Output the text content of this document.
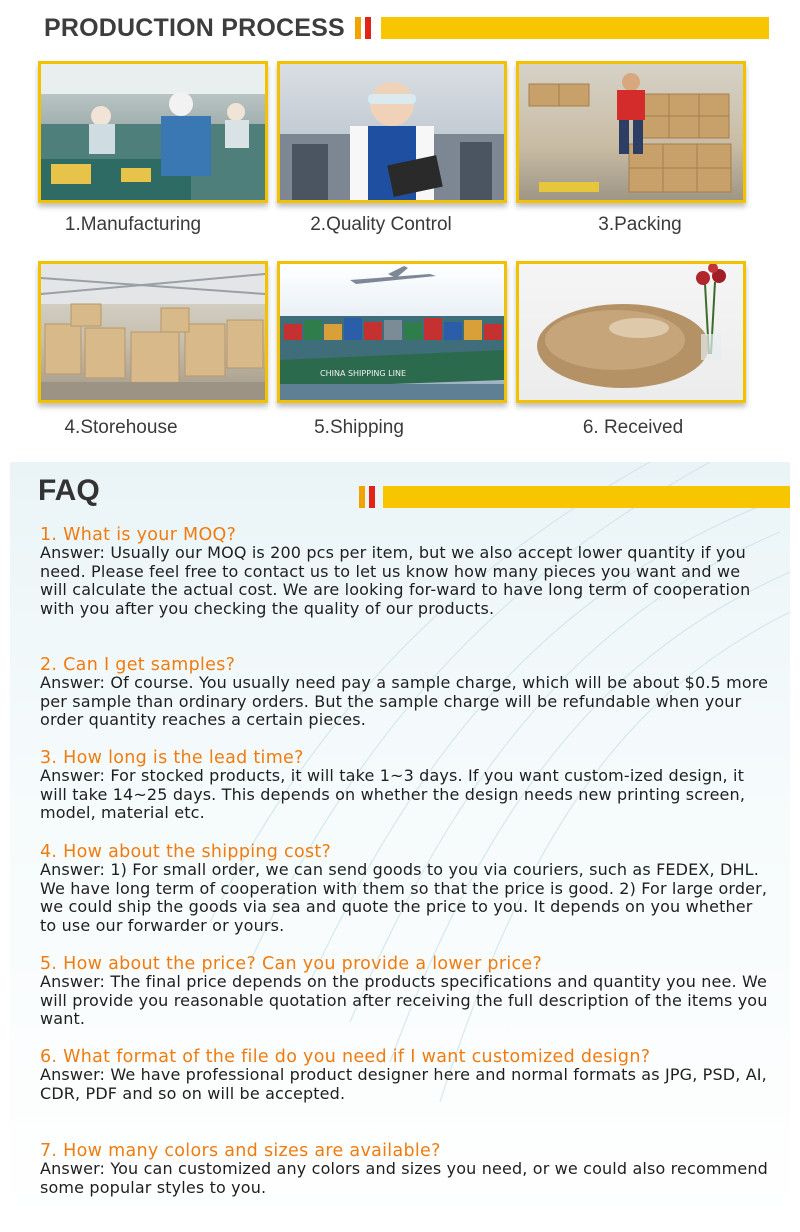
PRODUCTION PROCESS
1.Manufacturing	2.Quality Control	3.Packing
4.Storehouse
CHINA SHIPPING LINE
5.Shipping	6. Received
FAQ
1. What is your MOQ?
Answer: Usually our MOQ is 200 pcs per item, but we also accept lower quantity if you need. Please feel free to contact us to let us know how many pieces you want and we will calculate the actual cost. We are looking for-ward to have long term of cooperation with you after you checking the quality of our products.
2. Can I get samples?
Answer: Of course. You usually need pay a sample charge, which will be about $0.5 more per sample than ordinary orders. But the sample charge will be refundable when your order quantity reaches a certain pieces.
3. How long is the lead time?
Answer: For stocked products, it will take 1~3 days. If you want custom-ized design, it will take 14~25 days. This depends on whether the design needs new printing screen, model, material etc.
4. How about the shipping cost?
Answer: 1) For small order, we can send goods to you via couriers, such as FEDEX, DHL. We have long term of cooperation with them so that the price is good. 2) For large order, we could ship the goods via sea and quote the price to you. It depends on you whether to use our forwarder or yours.
5. How about the price? Can you provide a lower price?
Answer: The final price depends on the products specifications and quantity you nee. We will provide you reasonable quotation after receiving the full description of the items you want.
6. What format of the file do you need if I want customized design?
Answer: We have professional product designer here and normal formats as JPG, PSD, AI, CDR, PDF and so on will be accepted.
7. How many colors and sizes are available?
Answer: You can customized any colors and sizes you need, or we could also recommend some popular styles to you.
